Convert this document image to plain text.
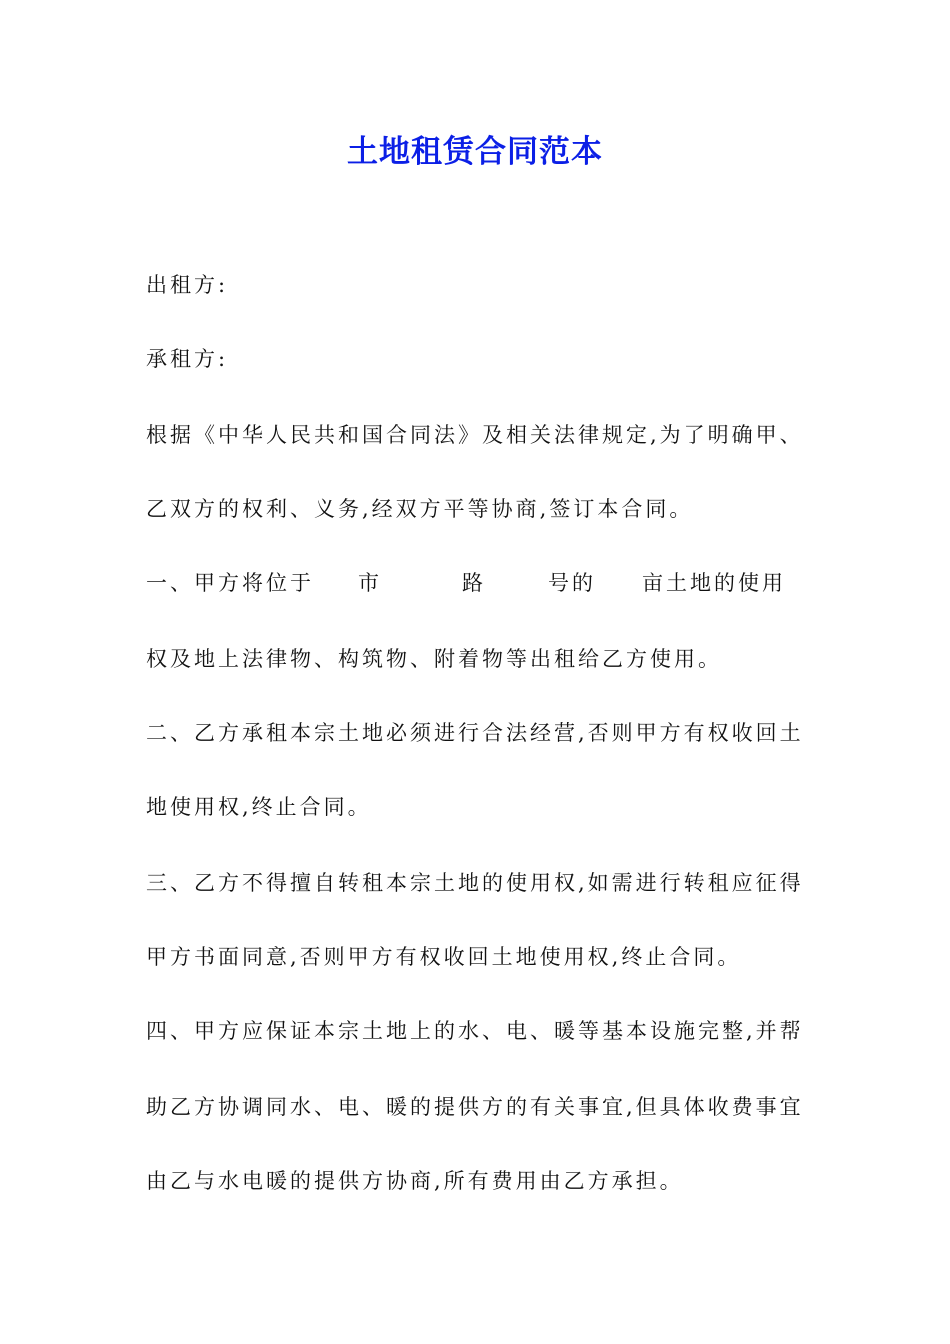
土地租赁合同范本
出租方:
承租方:
根据《中华人民共和国合同法》及相关法律规定,为了明确甲、
乙双方的权利、义务,经双方平等协商,签订本合同。
一、甲方将位于 市	路	号的 亩土地的使用
权及地上法律物、构筑物、附着物等出租给乙方使用。
二、乙方承租本宗土地必须进行合法经营,否则甲方有权收回土
地使用权,终止合同。
三、乙方不得擅自转租本宗土地的使用权,如需进行转租应征得
甲方书面同意,否则甲方有权收回土地使用权,终止合同。
四、甲方应保证本宗土地上的水、电、暖等基本设施完整,并帮
助乙方协调同水、电、暖的提供方的有关事宜,但具体收费事宜
由乙与水电暖的提供方协商,所有费用由乙方承担。
